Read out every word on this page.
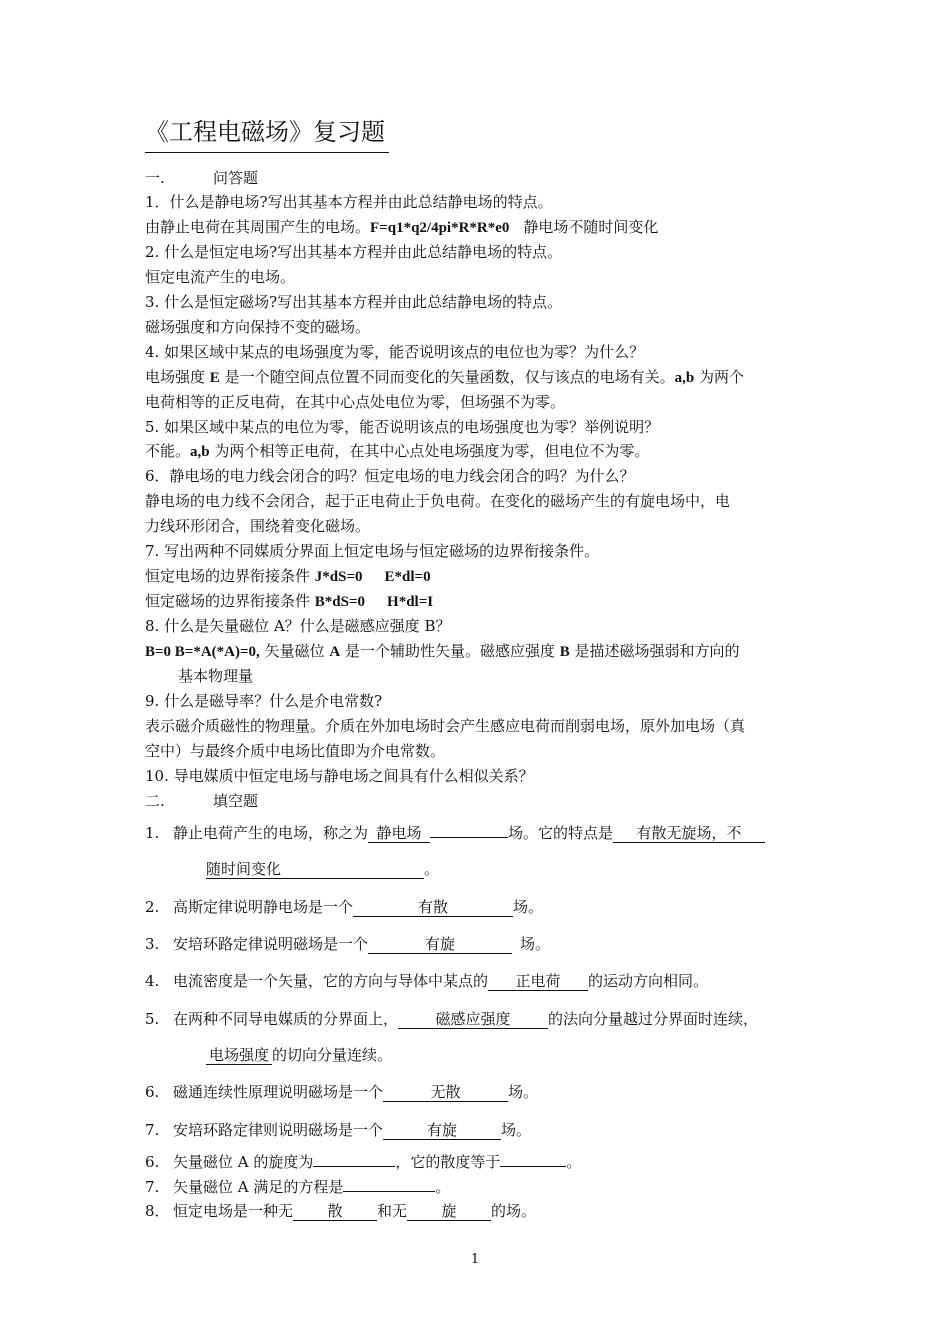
《工程电磁场》复习题
一.	问答题
1．什么是静电场?写出其基本方程并由此总结静电场的特点。
由静止电荷在其周围产生的电场。F=q1*q2/4pi*R*R*e0 静电场不随时间变化
2. 什么是恒定电场?写出其基本方程并由此总结静电场的特点。
恒定电流产生的电场。
3. 什么是恒定磁场?写出其基本方程并由此总结静电场的特点。
磁场强度和方向保持不变的磁场。
4. 如果区域中某点的电场强度为零，能否说明该点的电位也为零？为什么？
电场强度 E 是一个随空间点位置不同而变化的矢量函数，仅与该点的电场有关。a,b 为两个
电荷相等的正反电荷，在其中心点处电位为零，但场强不为零。
5. 如果区域中某点的电位为零，能否说明该点的电场强度也为零？举例说明？
不能。a,b 为两个相等正电荷，在其中心点处电场强度为零，但电位不为零。
6．静电场的电力线会闭合的吗？恒定电场的电力线会闭合的吗？为什么？
静电场的电力线不会闭合，起于正电荷止于负电荷。在变化的磁场产生的有旋电场中，电
力线环形闭合，围绕着变化磁场。
7. 写出两种不同媒质分界面上恒定电场与恒定磁场的边界衔接条件。
恒定电场的边界衔接条件 J*dS=0 E*dl=0
恒定磁场的边界衔接条件 B*dS=0 H*dl=I
8. 什么是矢量磁位 A？什么是磁感应强度 B？
B=0 B=*A(*A)=0, 矢量磁位 A 是一个辅助性矢量。磁感应强度 B 是描述磁场强弱和方向的
基本物理量
9. 什么是磁导率？什么是介电常数?
表示磁介质磁性的物理量。介质在外加电场时会产生感应电荷而削弱电场，原外加电场（真
空中）与最终介质中电场比值即为介电常数。
10. 导电媒质中恒定电场与静电场之间具有什么相似关系？
二.	填空题
1. 静止电荷产生的电场，称之为 静电场	场。它的特点是 有散无旋场，不
随时间变化	。
2. 高斯定律说明静电场是一个	有散	场。
3. 安培环路定律说明磁场是一个	有旋	场。
4. 电流密度是一个矢量，它的方向与导体中某点的 正电荷 的运动方向相同。
5. 在两种不同导电媒质的分界面上， 磁感应强度	的法向分量越过分界面时连续，
电场强度 的切向分量连续。
6. 磁通连续性原理说明磁场是一个	无散	场。
7. 安培环路定律则说明磁场是一个	有旋	场。
6. 矢量磁位 A 的旋度为	，它的散度等于	。
7. 矢量磁位 A 满足的方程是	。
8． 恒定电场是一种无 散 和无 旋 的场。
1
